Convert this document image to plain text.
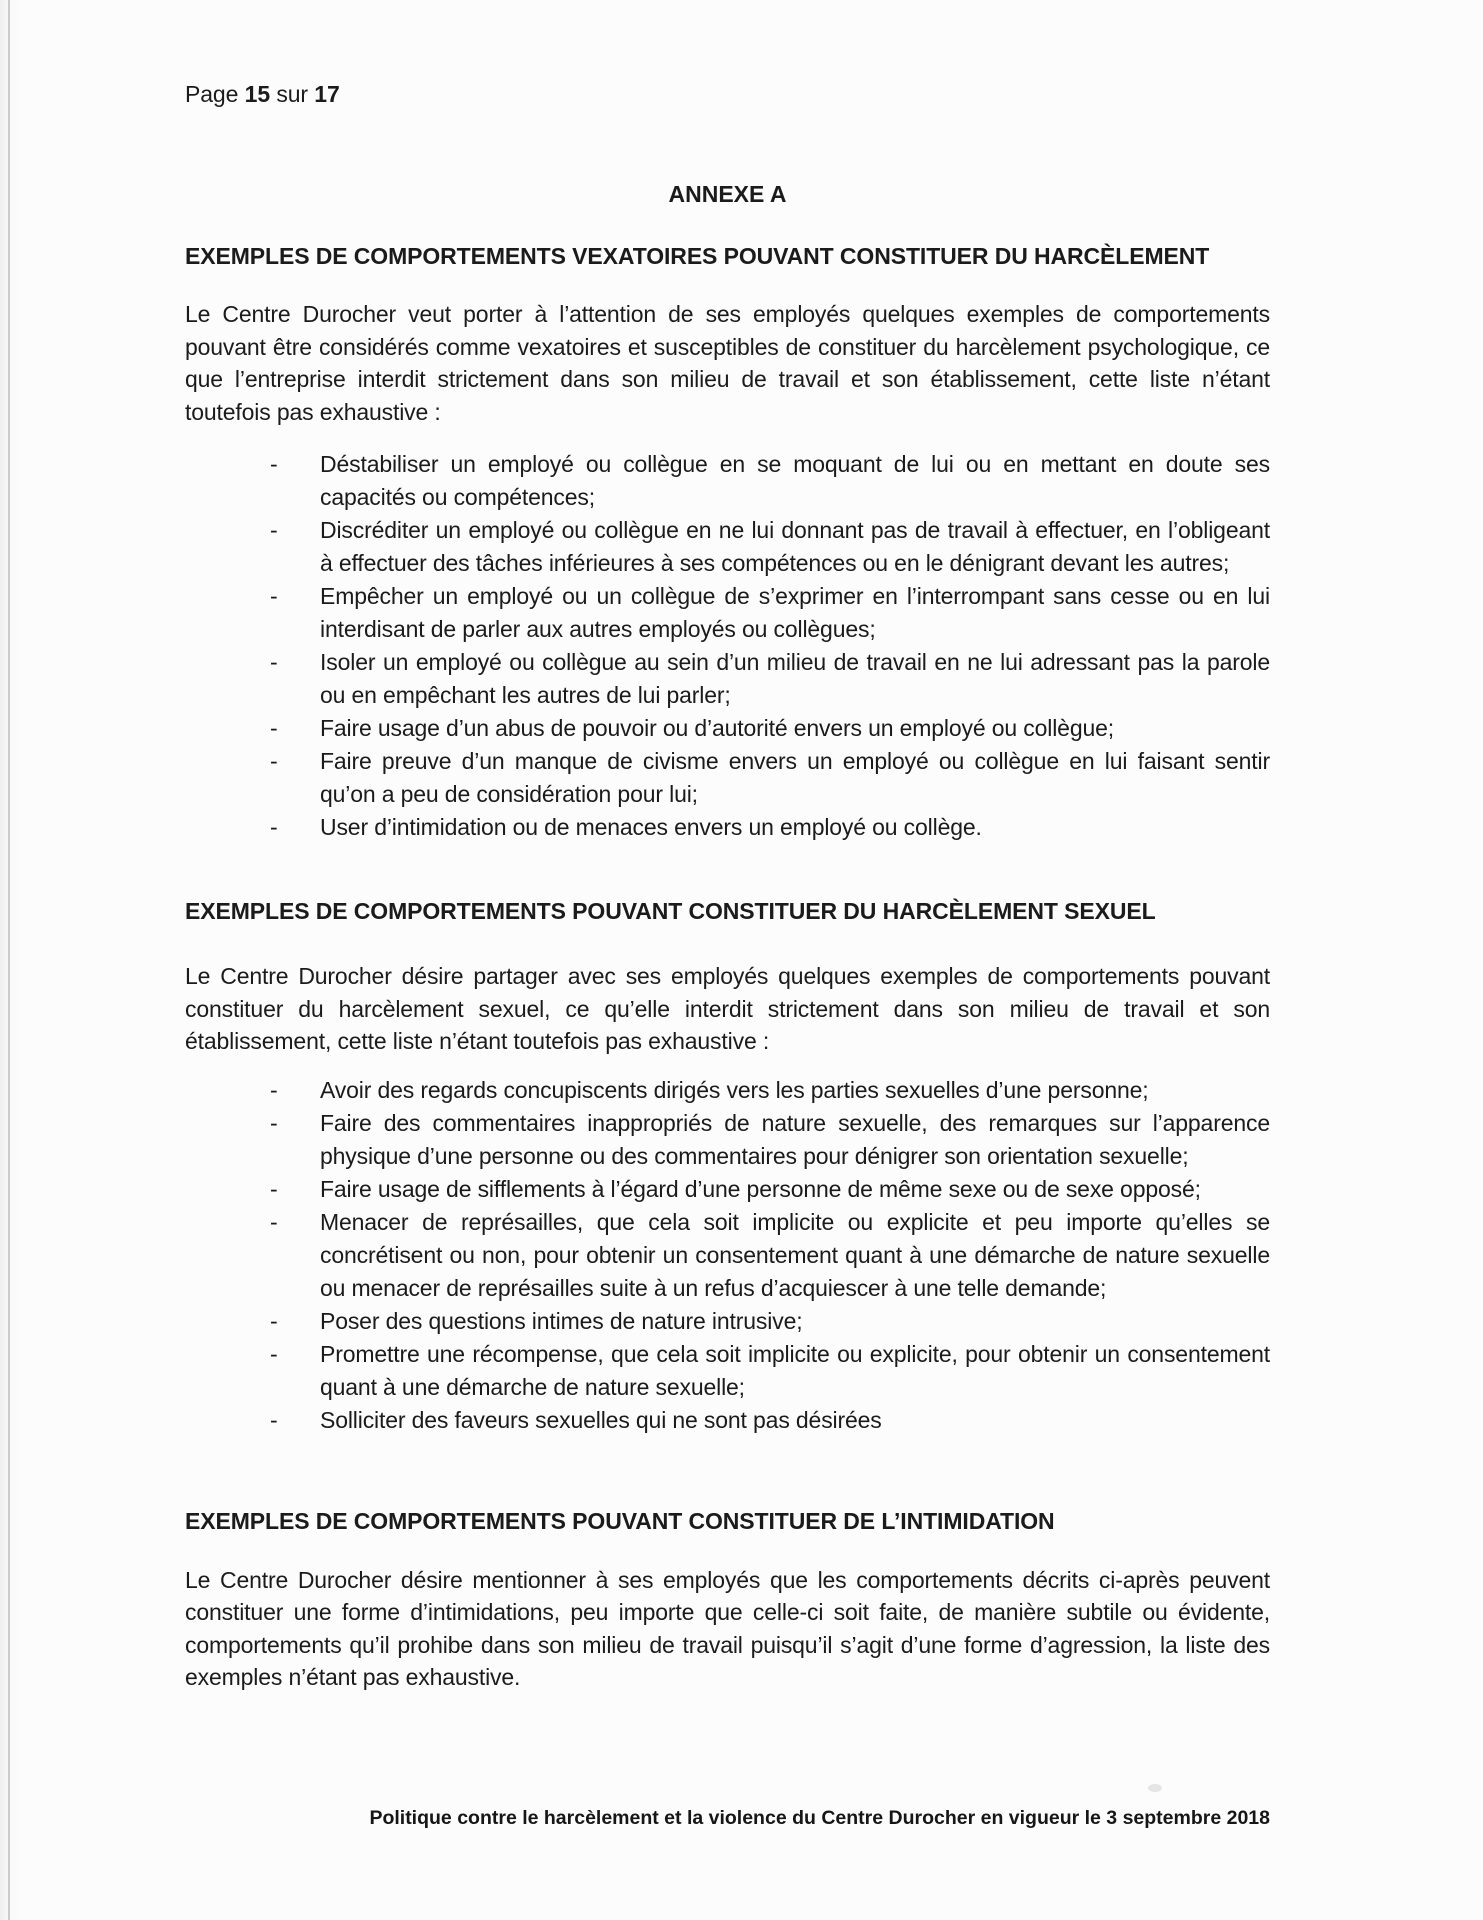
Page 15 sur 17
ANNEXE A
EXEMPLES DE COMPORTEMENTS VEXATOIRES POUVANT CONSTITUER DU HARCÈLEMENT

Le Centre Durocher veut porter à l’attention de ses employés quelques exemples de comportements pouvant être considérés comme vexatoires et susceptibles de constituer du harcèlement psychologique, ce que l’entreprise interdit strictement dans son milieu de travail et son établissement, cette liste n’étant toutefois pas exhaustive :

- Déstabiliser un employé ou collègue en se moquant de lui ou en mettant en doute ses capacités ou compétences;
- Discréditer un employé ou collègue en ne lui donnant pas de travail à effectuer, en l’obligeant à effectuer des tâches inférieures à ses compétences ou en le dénigrant devant les autres;
- Empêcher un employé ou un collègue de s’exprimer en l’interrompant sans cesse ou en lui interdisant de parler aux autres employés ou collègues;
- Isoler un employé ou collègue au sein d’un milieu de travail en ne lui adressant pas la parole ou en empêchant les autres de lui parler;
- Faire usage d’un abus de pouvoir ou d’autorité envers un employé ou collègue;
- Faire preuve d’un manque de civisme envers un employé ou collègue en lui faisant sentir qu’on a peu de considération pour lui;
- User d’intimidation ou de menaces envers un employé ou collège.
EXEMPLES DE COMPORTEMENTS POUVANT CONSTITUER DU HARCÈLEMENT SEXUEL

Le Centre Durocher désire partager avec ses employés quelques exemples de comportements pouvant constituer du harcèlement sexuel, ce qu’elle interdit strictement dans son milieu de travail et son établissement, cette liste n’étant toutefois pas exhaustive :

- Avoir des regards concupiscents dirigés vers les parties sexuelles d’une personne;
- Faire des commentaires inappropriés de nature sexuelle, des remarques sur l’apparence physique d’une personne ou des commentaires pour dénigrer son orientation sexuelle;
- Faire usage de sifflements à l’égard d’une personne de même sexe ou de sexe opposé;
- Menacer de représailles, que cela soit implicite ou explicite et peu importe qu’elles se concrétisent ou non, pour obtenir un consentement quant à une démarche de nature sexuelle ou menacer de représailles suite à un refus d’acquiescer à une telle demande;
- Poser des questions intimes de nature intrusive;
- Promettre une récompense, que cela soit implicite ou explicite, pour obtenir un consentement quant à une démarche de nature sexuelle;
- Solliciter des faveurs sexuelles qui ne sont pas désirées
EXEMPLES DE COMPORTEMENTS POUVANT CONSTITUER DE L’INTIMIDATION

Le Centre Durocher désire mentionner à ses employés que les comportements décrits ci-après peuvent constituer une forme d’intimidations, peu importe que celle-ci soit faite, de manière subtile ou évidente, comportements qu’il prohibe dans son milieu de travail puisqu’il s’agit d’une forme d’agression, la liste des exemples n’étant pas exhaustive.

Politique contre le harcèlement et la violence du Centre Durocher en vigueur le 3 septembre 2018
